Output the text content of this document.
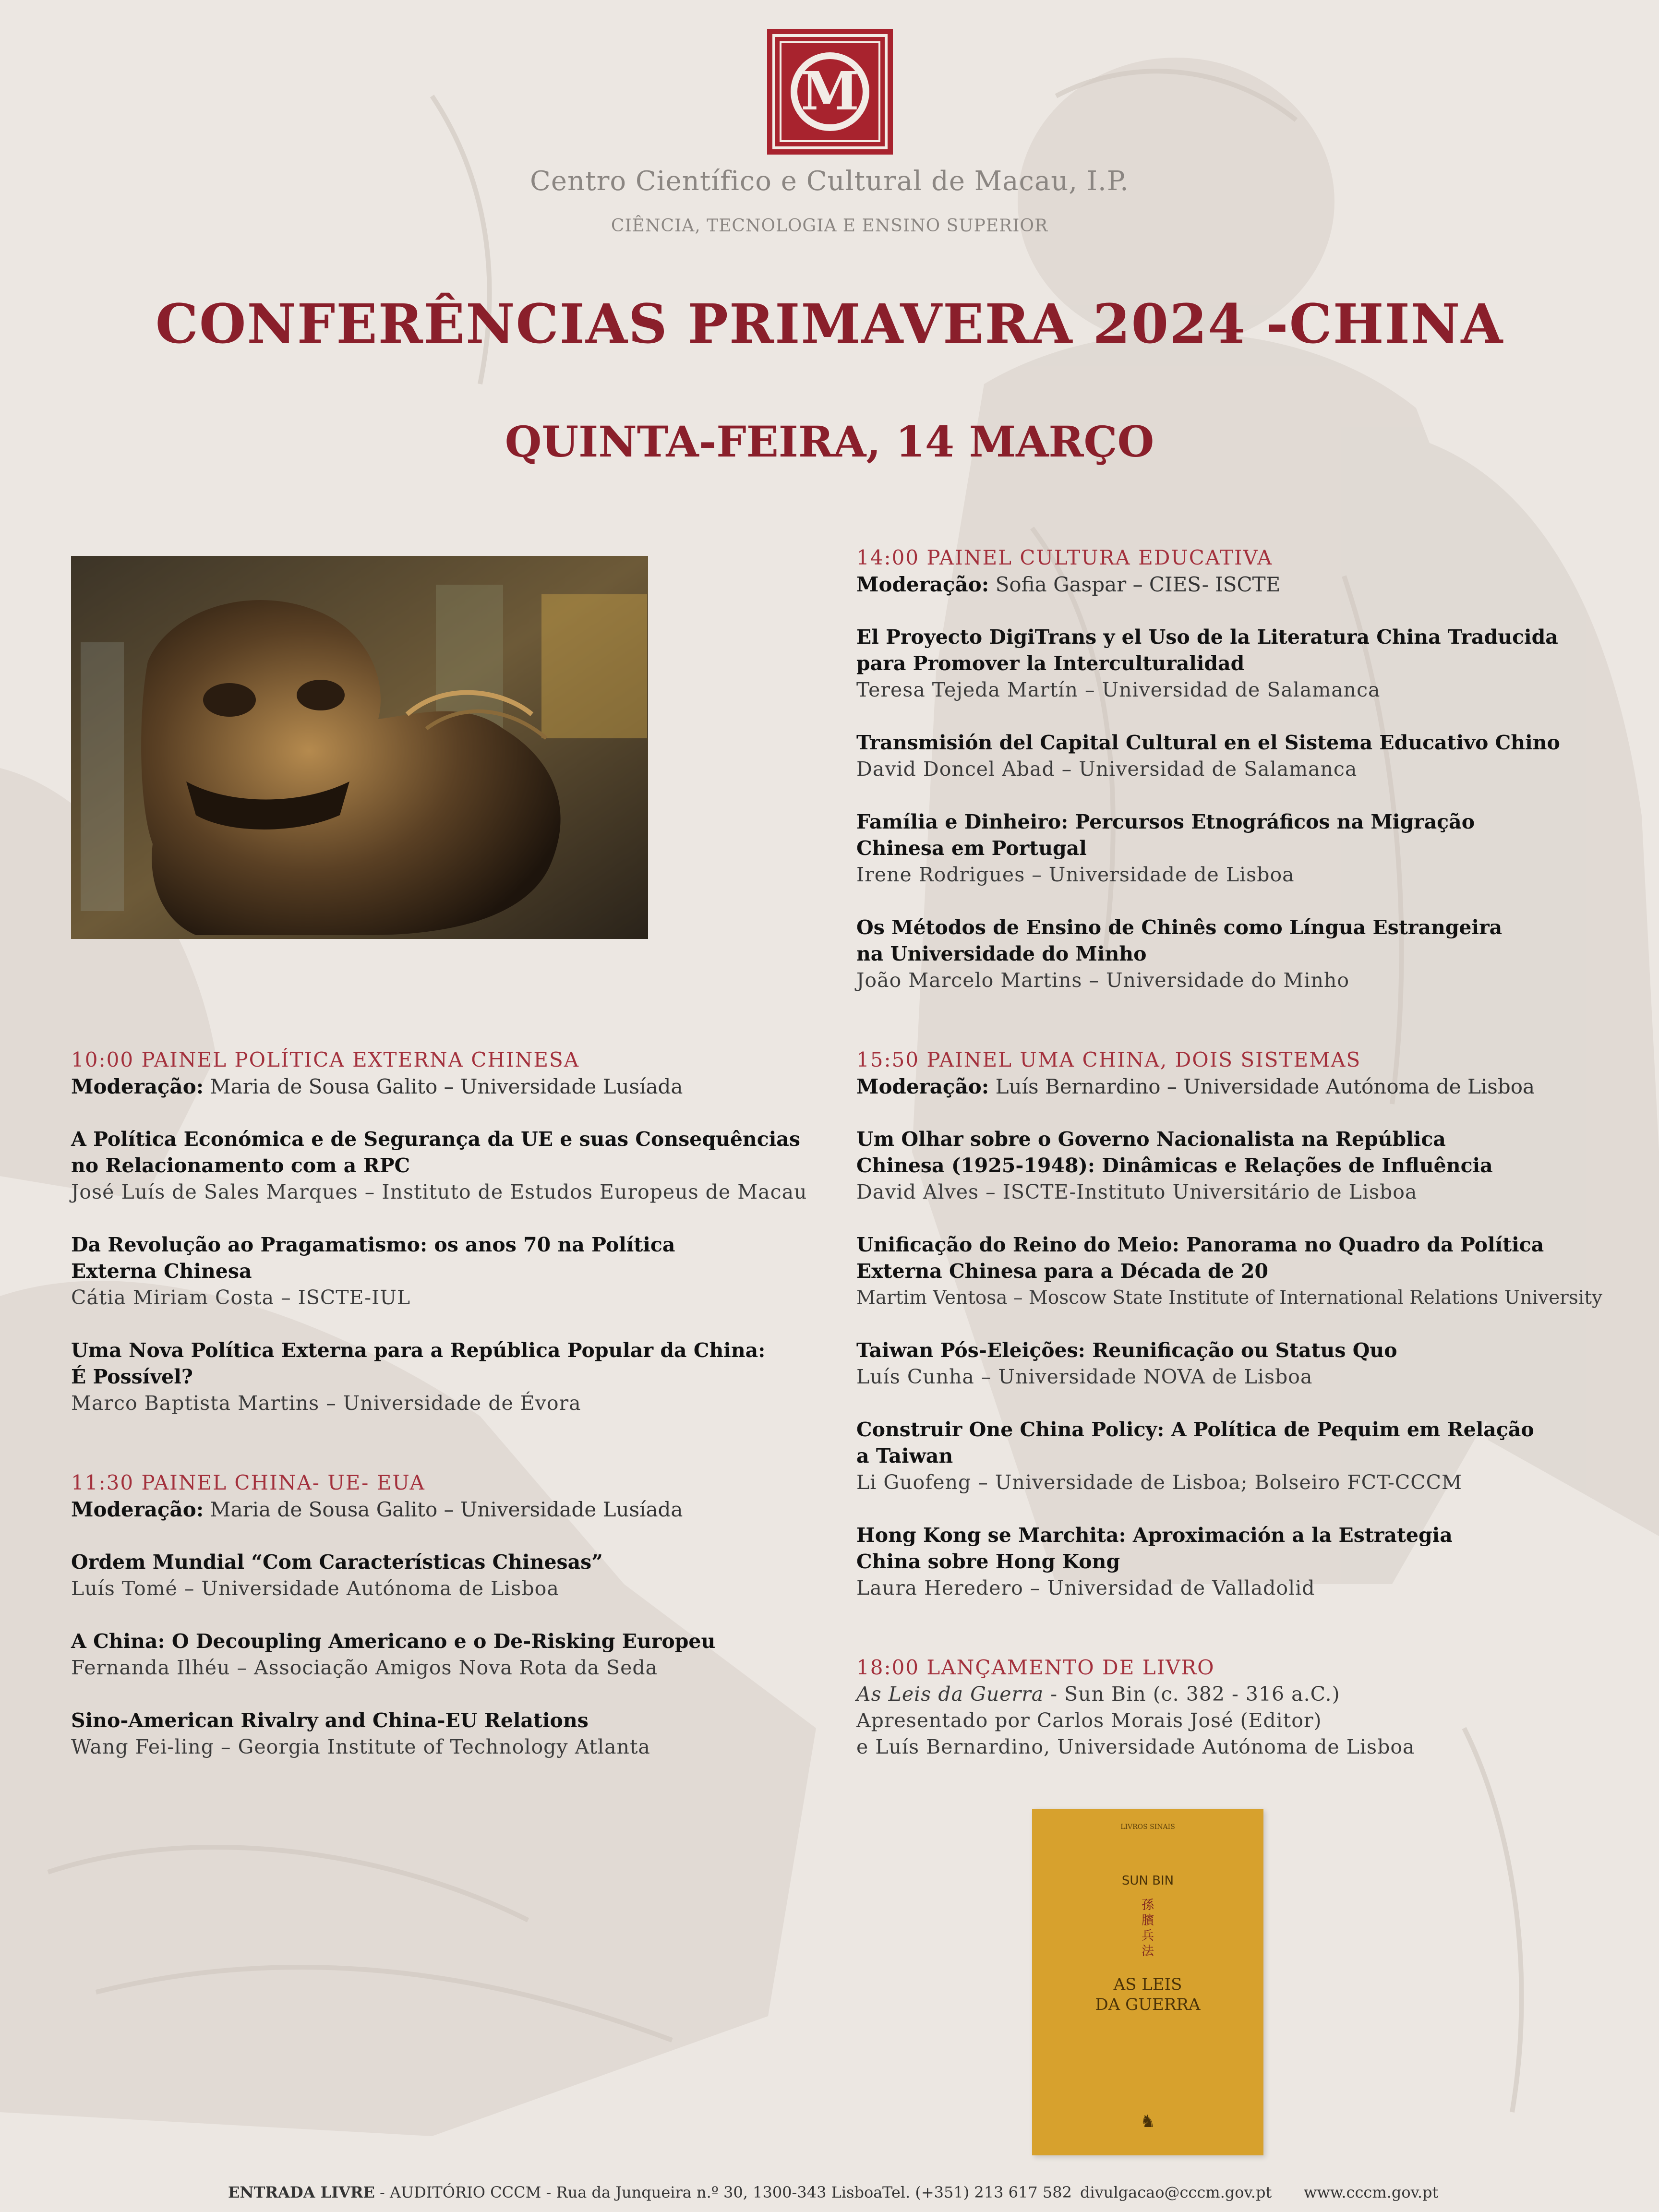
M
Centro Científico e Cultural de Macau, I.P.
CIÊNCIA, TECNOLOGIA E ENSINO SUPERIOR
CONFERÊNCIAS PRIMAVERA 2024 -CHINA
QUINTA-FEIRA, 14 MARÇO
10:00 PAINEL POLÍTICA EXTERNA CHINESA
Moderação: Maria de Sousa Galito – Universidade Lusíada
A Política Económica e de Segurança da UE e suas Consequências
no Relacionamento com a RPC
José Luís de Sales Marques – Instituto de Estudos Europeus de Macau
Da Revolução ao Pragamatismo: os anos 70 na Política
Externa Chinesa
Cátia Miriam Costa – ISCTE-IUL
Uma Nova Política Externa para a República Popular da China:
É Possível?
Marco Baptista Martins – Universidade de Évora
11:30 PAINEL CHINA- UE- EUA
Moderação: Maria de Sousa Galito – Universidade Lusíada
Ordem Mundial “Com Características Chinesas”
Luís Tomé – Universidade Autónoma de Lisboa
A China: O Decoupling Americano e o De-Risking Europeu
Fernanda Ilhéu – Associação Amigos Nova Rota da Seda
Sino-American Rivalry and China-EU Relations
Wang Fei-ling – Georgia Institute of Technology Atlanta
14:00 PAINEL CULTURA EDUCATIVA
Moderação: Sofia Gaspar – CIES- ISCTE
El Proyecto DigiTrans y el Uso de la Literatura China Traducida
para Promover la Interculturalidad
Teresa Tejeda Martín – Universidad de Salamanca
Transmisión del Capital Cultural en el Sistema Educativo Chino
David Doncel Abad – Universidad de Salamanca
Família e Dinheiro: Percursos Etnográficos na Migração
Chinesa em Portugal
Irene Rodrigues – Universidade de Lisboa
Os Métodos de Ensino de Chinês como Língua Estrangeira
na Universidade do Minho
João Marcelo Martins – Universidade do Minho
15:50 PAINEL UMA CHINA, DOIS SISTEMAS
Moderação: Luís Bernardino – Universidade Autónoma de Lisboa
Um Olhar sobre o Governo Nacionalista na República
Chinesa (1925-1948): Dinâmicas e Relações de Influência
David Alves – ISCTE-Instituto Universitário de Lisboa
Unificação do Reino do Meio: Panorama no Quadro da Política
Externa Chinesa para a Década de 20
Martim Ventosa – Moscow State Institute of International Relations University
Taiwan Pós-Eleições: Reunificação ou Status Quo
Luís Cunha – Universidade NOVA de Lisboa
Construir One China Policy: A Política de Pequim em Relação
a Taiwan
Li Guofeng – Universidade de Lisboa; Bolseiro FCT-CCCM
Hong Kong se Marchita: Aproximación a la Estrategia
China sobre Hong Kong
Laura Heredero – Universidad de Valladolid
18:00 LANÇAMENTO DE LIVRO
As Leis da Guerra - Sun Bin (c. 382 - 316 a.C.)
Apresentado por Carlos Morais José (Editor)
e Luís Bernardino, Universidade Autónoma de Lisboa
LIVROS SINAIS
SUN BIN
孫
臏
兵
法
AS LEIS
DA GUERRA
♞
ENTRADA LIVRE - AUDITÓRIO CCCM - Rua da Junqueira n.º 30, 1300-343 Lisboa Tel. (+351) 213 617 582 divulgacao@cccm.gov.pt www.cccm.gov.pt
